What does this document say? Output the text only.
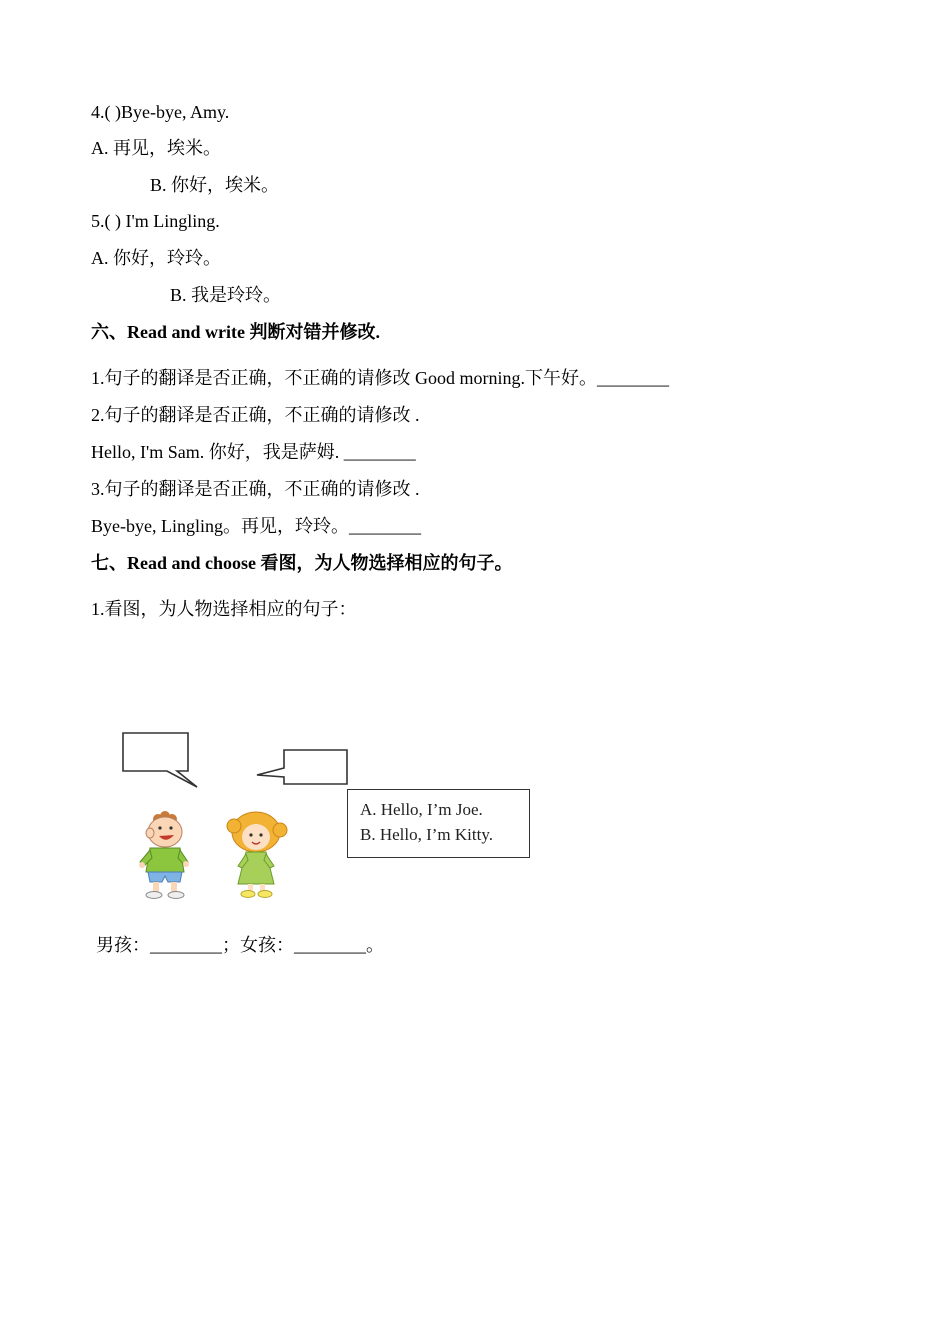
4.( )Bye-bye, Amy.
A. 再见，埃米。
B. 你好，埃米。
5.( ) I'm Lingling.
A. 你好，玲玲。
B. 我是玲玲。
六、Read and write 判断对错并修改.
1.句子的翻译是否正确，不正确的请修改 Good morning.下午好。________
2.句子的翻译是否正确，不正确的请修改 .
Hello, I'm Sam. 你好，我是萨姆. ________
3.句子的翻译是否正确，不正确的请修改 .
Bye-bye, Lingling。再见，玲玲。________
七、Read and choose 看图，为人物选择相应的句子。
1.看图，为人物选择相应的句子：
A. Hello, I’m Joe.
B. Hello, I’m Kitty.
男孩：________；女孩：________。
